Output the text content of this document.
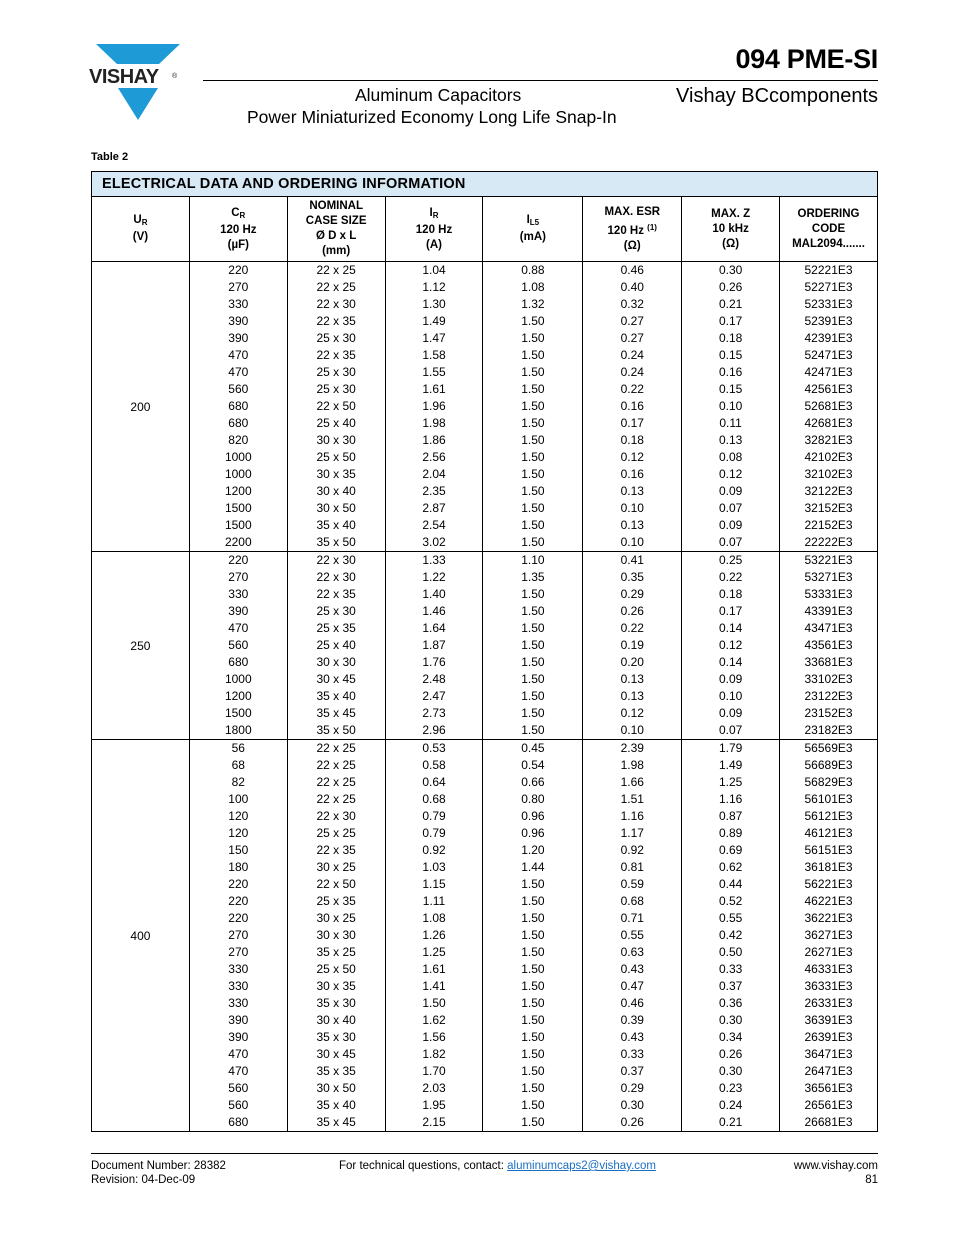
VISHAY ®
094 PME-SI
Aluminum Capacitors
Power Miniaturized Economy Long Life Snap-In
Vishay BCcomponents
Table 2
ELECTRICAL DATA AND ORDERING INFORMATION							
$U_R$
(V)	$C_R$
120 Hz
(µF)	NOMINAL
CASE SIZE
Ø D x L
(mm)	$I_R$
120 Hz
(A)	$I_{L5}$
(mA)	MAX. ESR
120 Hz $^{(1)}$
(Ω)	MAX. Z
10 kHz
(Ω)	ORDERING
CODE
MAL2094.......
200	220	22 x 25	1.04	0.88	0.46	0.30	52221E3
	270	22 x 25	1.12	1.08	0.40	0.26	52271E3
	330	22 x 30	1.30	1.32	0.32	0.21	52331E3
	390	22 x 35	1.49	1.50	0.27	0.17	52391E3
	390	25 x 30	1.47	1.50	0.27	0.18	42391E3
	470	22 x 35	1.58	1.50	0.24	0.15	52471E3
	470	25 x 30	1.55	1.50	0.24	0.16	42471E3
	560	25 x 30	1.61	1.50	0.22	0.15	42561E3
	680	22 x 50	1.96	1.50	0.16	0.10	52681E3
	680	25 x 40	1.98	1.50	0.17	0.11	42681E3
	820	30 x 30	1.86	1.50	0.18	0.13	32821E3
	1000	25 x 50	2.56	1.50	0.12	0.08	42102E3
	1000	30 x 35	2.04	1.50	0.16	0.12	32102E3
	1200	30 x 40	2.35	1.50	0.13	0.09	32122E3
	1500	30 x 50	2.87	1.50	0.10	0.07	32152E3
	1500	35 x 40	2.54	1.50	0.13	0.09	22152E3
	2200	35 x 50	3.02	1.50	0.10	0.07	22222E3
250	220	22 x 30	1.33	1.10	0.41	0.25	53221E3
	270	22 x 30	1.22	1.35	0.35	0.22	53271E3
	330	22 x 35	1.40	1.50	0.29	0.18	53331E3
	390	25 x 30	1.46	1.50	0.26	0.17	43391E3
	470	25 x 35	1.64	1.50	0.22	0.14	43471E3
	560	25 x 40	1.87	1.50	0.19	0.12	43561E3
	680	30 x 30	1.76	1.50	0.20	0.14	33681E3
	1000	30 x 45	2.48	1.50	0.13	0.09	33102E3
	1200	35 x 40	2.47	1.50	0.13	0.10	23122E3
	1500	35 x 45	2.73	1.50	0.12	0.09	23152E3
	1800	35 x 50	2.96	1.50	0.10	0.07	23182E3
400	56	22 x 25	0.53	0.45	2.39	1.79	56569E3
	68	22 x 25	0.58	0.54	1.98	1.49	56689E3
	82	22 x 25	0.64	0.66	1.66	1.25	56829E3
	100	22 x 25	0.68	0.80	1.51	1.16	56101E3
	120	22 x 30	0.79	0.96	1.16	0.87	56121E3
	120	25 x 25	0.79	0.96	1.17	0.89	46121E3
	150	22 x 35	0.92	1.20	0.92	0.69	56151E3
	180	30 x 25	1.03	1.44	0.81	0.62	36181E3
	220	22 x 50	1.15	1.50	0.59	0.44	56221E3
	220	25 x 35	1.11	1.50	0.68	0.52	46221E3
	220	30 x 25	1.08	1.50	0.71	0.55	36221E3
	270	30 x 30	1.26	1.50	0.55	0.42	36271E3
	270	35 x 25	1.25	1.50	0.63	0.50	26271E3
	330	25 x 50	1.61	1.50	0.43	0.33	46331E3
	330	30 x 35	1.41	1.50	0.47	0.37	36331E3
	330	35 x 30	1.50	1.50	0.46	0.36	26331E3
	390	30 x 40	1.62	1.50	0.39	0.30	36391E3
	390	35 x 30	1.56	1.50	0.43	0.34	26391E3
	470	30 x 45	1.82	1.50	0.33	0.26	36471E3
	470	35 x 35	1.70	1.50	0.37	0.30	26471E3
	560	30 x 50	2.03	1.50	0.29	0.23	36561E3
	560	35 x 40	1.95	1.50	0.30	0.24	26561E3
	680	35 x 45	2.15	1.50	0.26	0.21	26681E3
Document Number: 28382
Revision: 04-Dec-09
For technical questions, contact: aluminumcaps2@vishay.com	www.vishay.com
81
